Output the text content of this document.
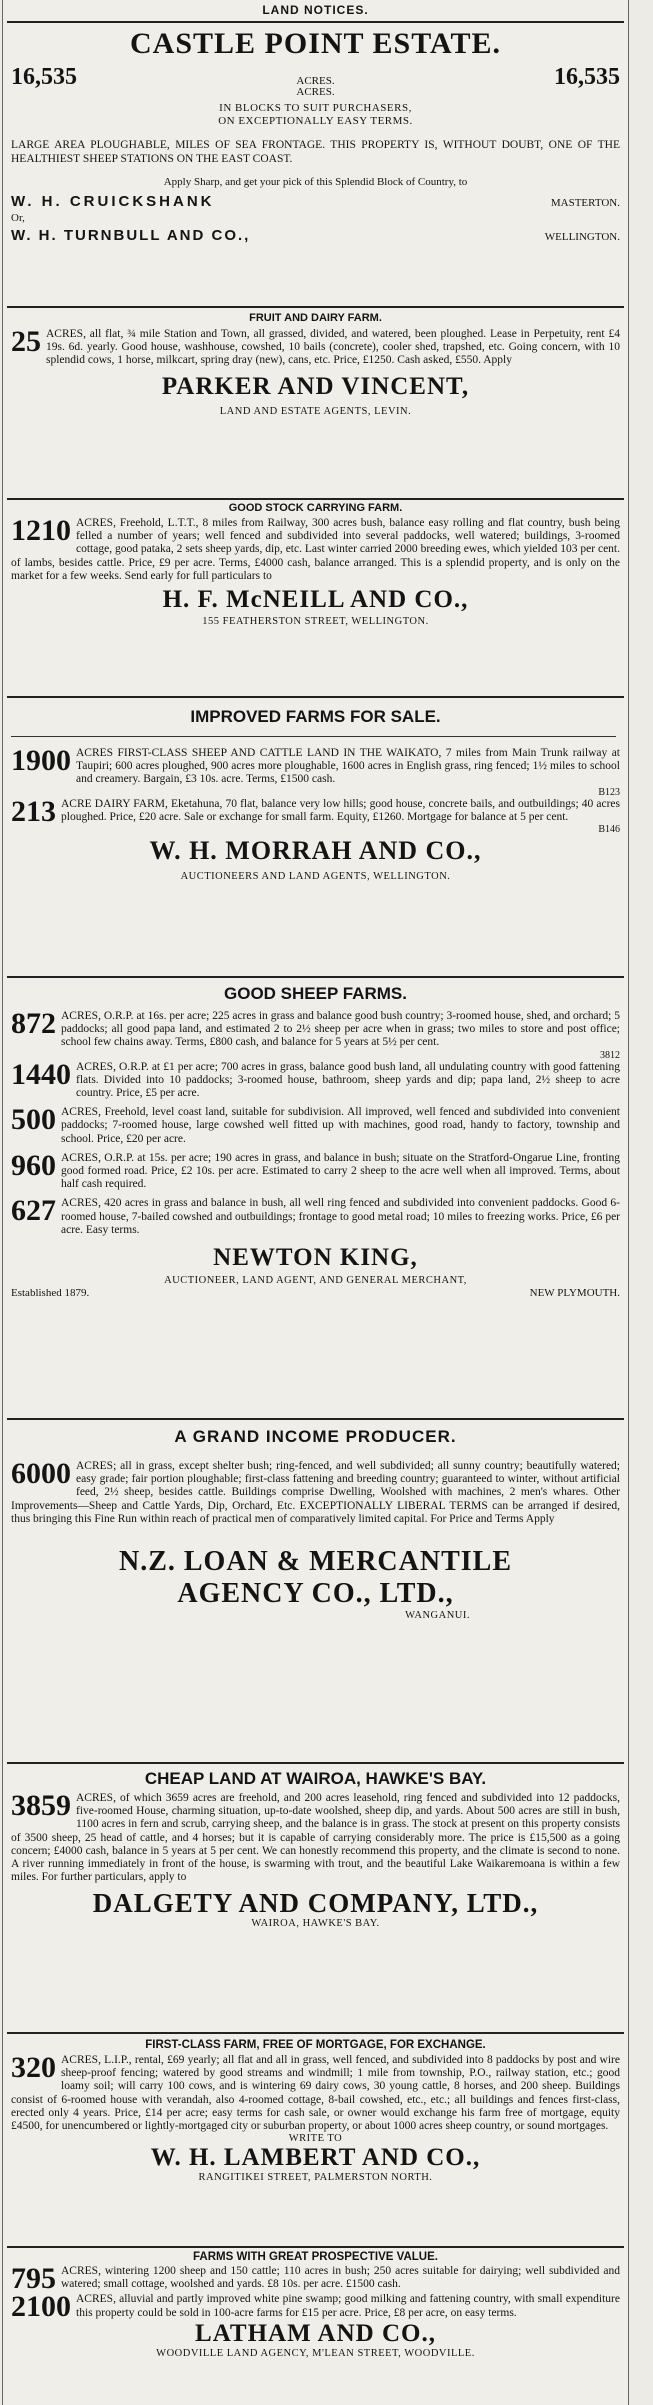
LAND NOTICES.
CASTLE POINT ESTATE.
16,535	ACRES.
ACRES.
16,535
IN BLOCKS TO SUIT PURCHASERS,
ON EXCEPTIONALLY EASY TERMS.
LARGE AREA PLOUGHABLE, MILES OF SEA FRONTAGE. THIS PROPERTY IS, WITHOUT DOUBT, ONE OF THE HEALTHIEST SHEEP STATIONS ON THE EAST COAST.
Apply Sharp, and get your pick of this Splendid Block of Country, to
W. H. CRUICKSHANK	MASTERTON.
Or,
W. H. TURNBULL AND CO.,	WELLINGTON.
FRUIT AND DAIRY FARM.
25 ACRES, all flat, ¾ mile Station and Town, all grassed, divided, and watered, been ploughed. Lease in Perpetuity, rent £4 19s. 6d. yearly. Good house, washhouse, cowshed, 10 bails (concrete), cooler shed, trapshed, etc. Going concern, with 10 splendid cows, 1 horse, milkcart, spring dray (new), cans, etc. Price, £1250. Cash asked, £550. Apply
PARKER AND VINCENT,
LAND AND ESTATE AGENTS, LEVIN.
GOOD STOCK CARRYING FARM.
1210 ACRES, Freehold, L.T.T., 8 miles from Railway, 300 acres bush, balance easy rolling and flat country, bush being felled a number of years; well fenced and subdivided into several paddocks, well watered; buildings, 3-roomed cottage, good pataka, 2 sets sheep yards, dip, etc. Last winter carried 2000 breeding ewes, which yielded 103 per cent. of lambs, besides cattle. Price, £9 per acre. Terms, £4000 cash, balance arranged. This is a splendid property, and is only on the market for a few weeks. Send early for full particulars to
H. F. McNEILL AND CO.,
155 FEATHERSTON STREET, WELLINGTON.
IMPROVED FARMS FOR SALE.
1900 ACRES FIRST-CLASS SHEEP AND CATTLE LAND IN THE WAIKATO, 7 miles from Main Trunk railway at Taupiri; 600 acres ploughed, 900 acres more ploughable, 1600 acres in English grass, ring fenced; 1½ miles to school and creamery. Bargain, £3 10s. acre. Terms, £1500 cash.
B123
213 ACRE DAIRY FARM, Eketahuna, 70 flat, balance very low hills; good house, concrete bails, and outbuildings; 40 acres ploughed. Price, £20 acre. Sale or exchange for small farm. Equity, £1260. Mortgage for balance at 5 per cent.
B146
W. H. MORRAH AND CO.,
AUCTIONEERS AND LAND AGENTS, WELLINGTON.
GOOD SHEEP FARMS.
872 ACRES, O.R.P. at 16s. per acre; 225 acres in grass and balance good bush country; 3-roomed house, shed, and orchard; 5 paddocks; all good papa land, and estimated 2 to 2½ sheep per acre when in grass; two miles to store and post office; school few chains away. Terms, £800 cash, and balance for 5 years at 5½ per cent.
3812
1440 ACRES, O.R.P. at £1 per acre; 700 acres in grass, balance good bush land, all undulating country with good fattening flats. Divided into 10 paddocks; 3-roomed house, bathroom, sheep yards and dip; papa land, 2½ sheep to acre country. Price, £5 per acre.
500 ACRES, Freehold, level coast land, suitable for subdivision. All improved, well fenced and subdivided into convenient paddocks; 7-roomed house, large cowshed well fitted up with machines, good road, handy to factory, township and school. Price, £20 per acre.
960 ACRES, O.R.P. at 15s. per acre; 190 acres in grass, and balance in bush; situate on the Stratford-Ongarue Line, fronting good formed road. Price, £2 10s. per acre. Estimated to carry 2 sheep to the acre well when all improved. Terms, about half cash required.
627 ACRES, 420 acres in grass and balance in bush, all well ring fenced and subdivided into convenient paddocks. Good 6-roomed house, 7-bailed cowshed and outbuildings; frontage to good metal road; 10 miles to freezing works. Price, £6 per acre. Easy terms.
NEWTON KING,
AUCTIONEER, LAND AGENT, AND GENERAL MERCHANT,
Established 1879.	NEW PLYMOUTH.
A GRAND INCOME PRODUCER.
6000 ACRES; all in grass, except shelter bush; ring-fenced, and well subdivided; all sunny country; beautifully watered; easy grade; fair portion ploughable; first-class fattening and breeding country; guaranteed to winter, without artificial feed, 2½ sheep, besides cattle. Buildings comprise Dwelling, Woolshed with machines, 2 men's whares. Other Improvements—Sheep and Cattle Yards, Dip, Orchard, Etc. EXCEPTIONALLY LIBERAL TERMS can be arranged if desired, thus bringing this Fine Run within reach of practical men of comparatively limited capital. For Price and Terms Apply
N.Z. LOAN & MERCANTILE
AGENCY CO., LTD.,
WANGANUI.
CHEAP LAND AT WAIROA, HAWKE'S BAY.
3859 ACRES, of which 3659 acres are freehold, and 200 acres leasehold, ring fenced and subdivided into 12 paddocks, five-roomed House, charming situation, up-to-date woolshed, sheep dip, and yards. About 500 acres are still in bush, 1100 acres in fern and scrub, carrying sheep, and the balance is in grass. The stock at present on this property consists of 3500 sheep, 25 head of cattle, and 4 horses; but it is capable of carrying considerably more. The price is £15,500 as a going concern; £4000 cash, balance in 5 years at 5 per cent. We can honestly recommend this property, and the climate is second to none. A river running immediately in front of the house, is swarming with trout, and the beautiful Lake Waikaremoana is within a few miles. For further particulars, apply to
DALGETY AND COMPANY, LTD.,
WAIROA, HAWKE'S BAY.
FIRST-CLASS FARM, FREE OF MORTGAGE, FOR EXCHANGE.
320 ACRES, L.I.P., rental, £69 yearly; all flat and all in grass, well fenced, and subdivided into 8 paddocks by post and wire sheep-proof fencing; watered by good streams and windmill; 1 mile from township, P.O., railway station, etc.; good loamy soil; will carry 100 cows, and is wintering 69 dairy cows, 30 young cattle, 8 horses, and 200 sheep. Buildings consist of 6-roomed house with verandah, also 4-roomed cottage, 8-bail cowshed, etc., etc.; all buildings and fences first-class, erected only 4 years. Price, £14 per acre; easy terms for cash sale, or owner would exchange his farm free of mortgage, equity £4500, for unencumbered or lightly-mortgaged city or suburban property, or about 1000 acres sheep country, or sound mortgages.
WRITE TO
W. H. LAMBERT AND CO.,
RANGITIKEI STREET, PALMERSTON NORTH.
FARMS WITH GREAT PROSPECTIVE VALUE.
795 ACRES, wintering 1200 sheep and 150 cattle; 110 acres in bush; 250 acres suitable for dairying; well subdivided and watered; small cottage, woolshed and yards. £8 10s. per acre. £1500 cash.
2100 ACRES, alluvial and partly improved white pine swamp; good milking and fattening country, with small expenditure this property could be sold in 100-acre farms for £15 per acre. Price, £8 per acre, on easy terms.
LATHAM AND CO.,
WOODVILLE LAND AGENCY, M'LEAN STREET, WOODVILLE.
